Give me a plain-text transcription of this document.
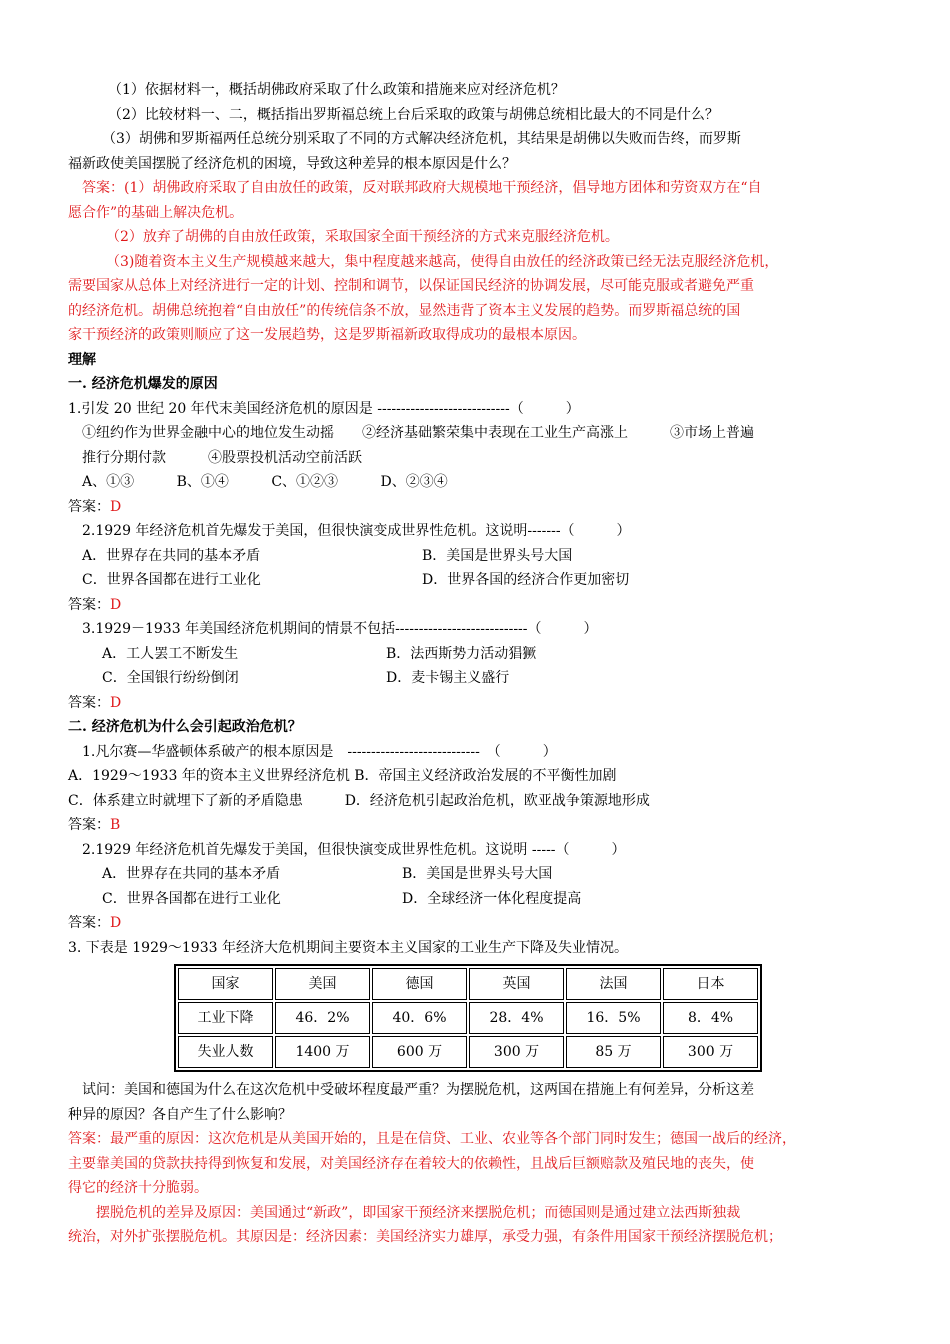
（1）依据材料一，概括胡佛政府采取了什么政策和措施来应对经济危机？

（2）比较材料一、二，概括指出罗斯福总统上台后采取的政策与胡佛总统相比最大的不同是什么？

（3）胡佛和罗斯福两任总统分别采取了不同的方式解决经济危机，其结果是胡佛以失败而告终，而罗斯

福新政使美国摆脱了经济危机的困境，导致这种差异的根本原因是什么？

答案：(1）胡佛政府采取了自由放任的政策，反对联邦政府大规模地干预经济，倡导地方团体和劳资双方在“自

愿合作”的基础上解决危机。

（2）放弃了胡佛的自由放任政策，采取国家全面干预经济的方式来克服经济危机。

（3)随着资本主义生产规模越来越大，集中程度越来越高，使得自由放任的经济政策已经无法克服经济危机，

需要国家从总体上对经济进行一定的计划、控制和调节，以保证国民经济的协调发展，尽可能克服或者避免严重

的经济危机。胡佛总统抱着“自由放任”的传统信条不放，显然违背了资本主义发展的趋势。而罗斯福总统的国

家干预经济的政策则顺应了这一发展趋势，这是罗斯福新政取得成功的最根本原因。

理解

一. 经济危机爆发的原因

1.引发 20 世纪 20 年代末美国经济危机的原因是 ----------------------------（　　　）

①纽约作为世界金融中心的地位发生动摇　　②经济基础繁荣集中表现在工业生产高涨上　　　③市场上普遍

推行分期付款　　　④股票投机活动空前活跃

A、①③	B、①④	C、①②③	D、②③④

答案：D

2.1929 年经济危机首先爆发于美国，但很快演变成世界性危机。这说明-------（　　　）

A．世界存在共同的基本矛盾	B．美国是世界头号大国
C．世界各国都在进行工业化	D．世界各国的经济合作更加密切

答案：D

3.1929－1933 年美国经济危机期间的情景不包括----------------------------（　　　）

A．工人罢工不断发生	B．法西斯势力活动猖獗
C．全国银行纷纷倒闭	D．麦卡锡主义盛行

答案：D

二. 经济危机为什么会引起政治危机？

1.凡尔赛—华盛顿体系破产的根本原因是　----------------------------　（　　　）

A．1929～1933 年的资本主义世界经济危机 B．帝国主义经济政治发展的不平衡性加剧

C．体系建立时就埋下了新的矛盾隐患　　　D．经济危机引起政治危机，欧亚战争策源地形成

答案：B

2.1929 年经济危机首先爆发于美国，但很快演变成世界性危机。这说明 -----（　　　）

A．世界存在共同的基本矛盾	B．美国是世界头号大国
C．世界各国都在进行工业化	D．全球经济一体化程度提高

答案：D

3. 下表是 1929～1933 年经济大危机期间主要资本主义国家的工业生产下降及失业情况。

国家	美国	德国	英国	法国	日本
工业下降	46．2%	40．6%	28．4%	16．5%	8．4%
失业人数	1400 万	600 万	300 万	85 万	300 万

试问：美国和德国为什么在这次危机中受破坏程度最严重？为摆脱危机，这两国在措施上有何差异，分析这差

种异的原因？各自产生了什么影响？

答案：最严重的原因：这次危机是从美国开始的，且是在信贷、工业、农业等各个部门同时发生；德国一战后的经济，

主要靠美国的贷款扶持得到恢复和发展，对美国经济存在着较大的依赖性，且战后巨额赔款及殖民地的丧失，使

得它的经济十分脆弱。

摆脱危机的差异及原因：美国通过“新政”，即国家干预经济来摆脱危机；而德国则是通过建立法西斯独裁

统治，对外扩张摆脱危机。其原因是：经济因素：美国经济实力雄厚，承受力强，有条件用国家干预经济摆脱危机；
